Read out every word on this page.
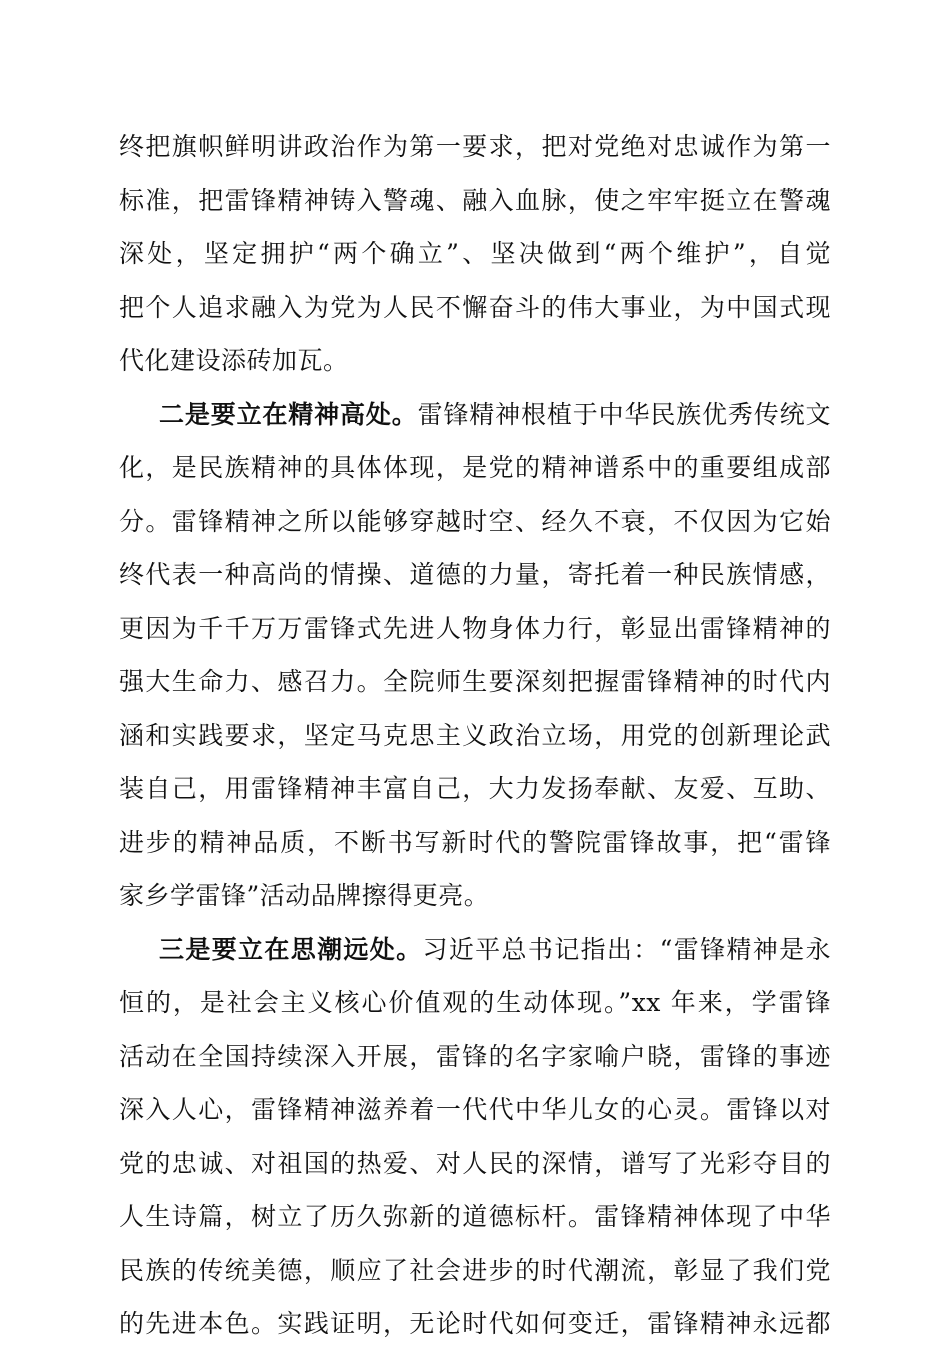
终把旗帜鲜明讲政治作为第一要求，把对党绝对忠诚作为第一
标准，把雷锋精神铸入警魂、融入血脉，使之牢牢挺立在警魂
深处，坚定拥护“两个确立”、坚决做到“两个维护”，自觉
把个人追求融入为党为人民不懈奋斗的伟大事业，为中国式现
代化建设添砖加瓦。
二是要立在精神高处。雷锋精神根植于中华民族优秀传统文
化，是民族精神的具体体现，是党的精神谱系中的重要组成部
分。雷锋精神之所以能够穿越时空、经久不衰，不仅因为它始
终代表一种高尚的情操、道德的力量，寄托着一种民族情感，
更因为千千万万雷锋式先进人物身体力行，彰显出雷锋精神的
强大生命力、感召力。全院师生要深刻把握雷锋精神的时代内
涵和实践要求，坚定马克思主义政治立场，用党的创新理论武
装自己，用雷锋精神丰富自己，大力发扬奉献、友爱、互助、
进步的精神品质，不断书写新时代的警院雷锋故事，把“雷锋
家乡学雷锋”活动品牌擦得更亮。
三是要立在思潮远处。习近平总书记指出：“雷锋精神是永
恒的，是社会主义核心价值观的生动体现。”xx 年来，学雷锋
活动在全国持续深入开展，雷锋的名字家喻户晓，雷锋的事迹
深入人心，雷锋精神滋养着一代代中华儿女的心灵。雷锋以对
党的忠诚、对祖国的热爱、对人民的深情，谱写了光彩夺目的
人生诗篇，树立了历久弥新的道德标杆。雷锋精神体现了中华
民族的传统美德，顺应了社会进步的时代潮流，彰显了我们党
的先进本色。实践证明，无论时代如何变迁，雷锋精神永远都
